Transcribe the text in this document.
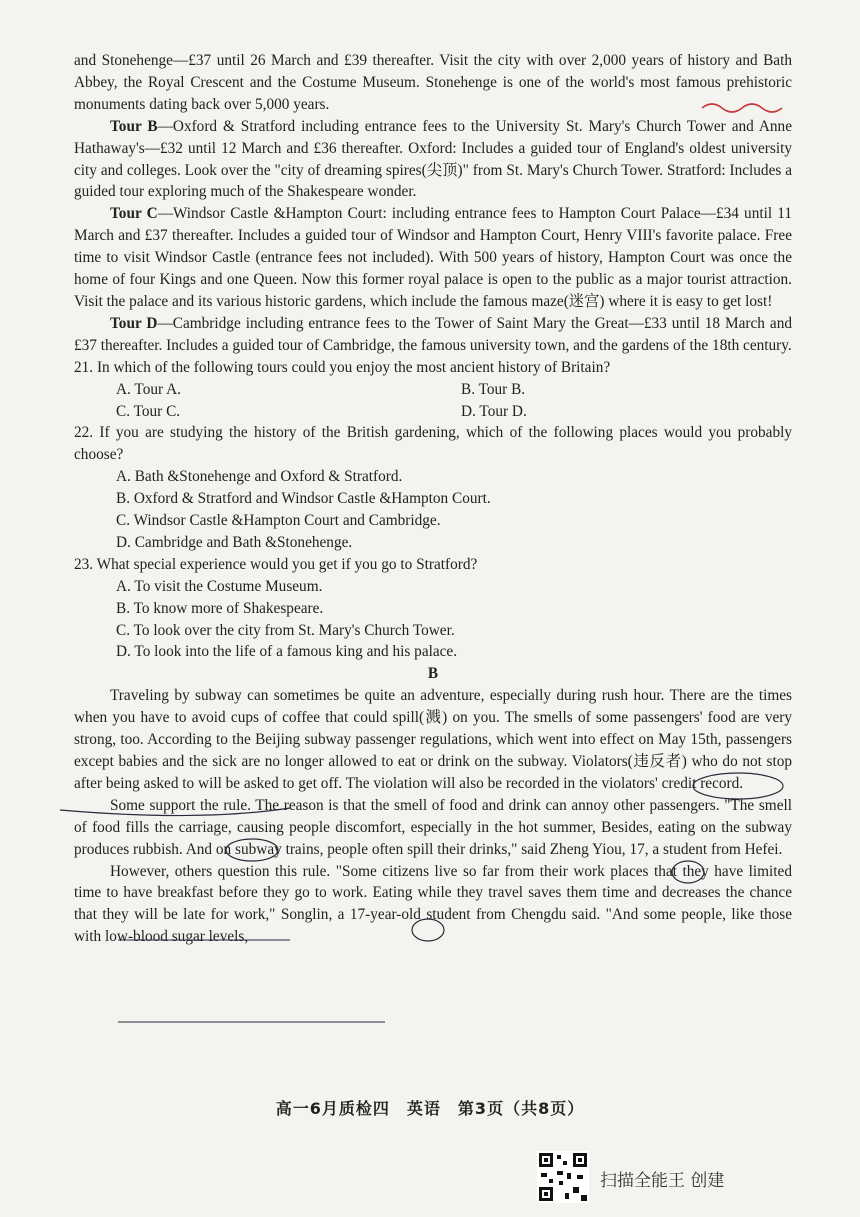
and Stonehenge—£37 until 26 March and £39 thereafter. Visit the city with over 2,000 years of history and Bath Abbey, the Royal Crescent and the Costume Museum. Stonehenge is one of the world's most famous prehistoric monuments dating back over 5,000 years.

Tour B—Oxford & Stratford including entrance fees to the University St. Mary's Church Tower and Anne Hathaway's—£32 until 12 March and £36 thereafter. Oxford: Includes a guided tour of England's oldest university city and colleges. Look over the "city of dreaming spires(尖顶)" from St. Mary's Church Tower. Stratford: Includes a guided tour exploring much of the Shakespeare wonder.

Tour C—Windsor Castle &Hampton Court: including entrance fees to Hampton Court Palace—£34 until 11 March and £37 thereafter. Includes a guided tour of Windsor and Hampton Court, Henry VIII's favorite palace. Free time to visit Windsor Castle (entrance fees not included). With 500 years of history, Hampton Court was once the home of four Kings and one Queen. Now this former royal palace is open to the public as a major tourist attraction. Visit the palace and its various historic gardens, which include the famous maze(迷宫) where it is easy to get lost!

Tour D—Cambridge including entrance fees to the Tower of Saint Mary the Great—£33 until 18 March and £37 thereafter. Includes a guided tour of Cambridge, the famous university town, and the gardens of the 18th century.

21. In which of the following tours could you enjoy the most ancient history of Britain?

A. Tour A.	B. Tour B.
C. Tour C.	D. Tour D.

22. If you are studying the history of the British gardening, which of the following places would you probably choose?

A. Bath &Stonehenge and Oxford & Stratford.
B. Oxford & Stratford and Windsor Castle &Hampton Court.
C. Windsor Castle &Hampton Court and Cambridge.
D. Cambridge and Bath &Stonehenge.

23. What special experience would you get if you go to Stratford?

A. To visit the Costume Museum.
B. To know more of Shakespeare.
C. To look over the city from St. Mary's Church Tower.
D. To look into the life of a famous king and his palace.

B

Traveling by subway can sometimes be quite an adventure, especially during rush hour. There are the times when you have to avoid cups of coffee that could spill(溅) on you. The smells of some passengers' food are very strong, too. According to the Beijing subway passenger regulations, which went into effect on May 15th, passengers except babies and the sick are no longer allowed to eat or drink on the subway. Violators(违反者) who do not stop after being asked to will be asked to get off. The violation will also be recorded in the violators' credit record.

Some support the rule. The reason is that the smell of food and drink can annoy other passengers. "The smell of food fills the carriage, causing people discomfort, especially in the hot summer, Besides, eating on the subway produces rubbish. And on subway trains, people often spill their drinks," said Zheng Yiou, 17, a student from Hefei.

However, others question this rule. "Some citizens live so far from their work places that they have limited time to have breakfast before they go to work. Eating while they travel saves them time and decreases the chance that they will be late for work," Songlin, a 17-year-old student from Chengdu said. "And some people, like those with low-blood sugar levels,

高一6月质检四　英语　第3页（共8页）
扫描全能王 创建
